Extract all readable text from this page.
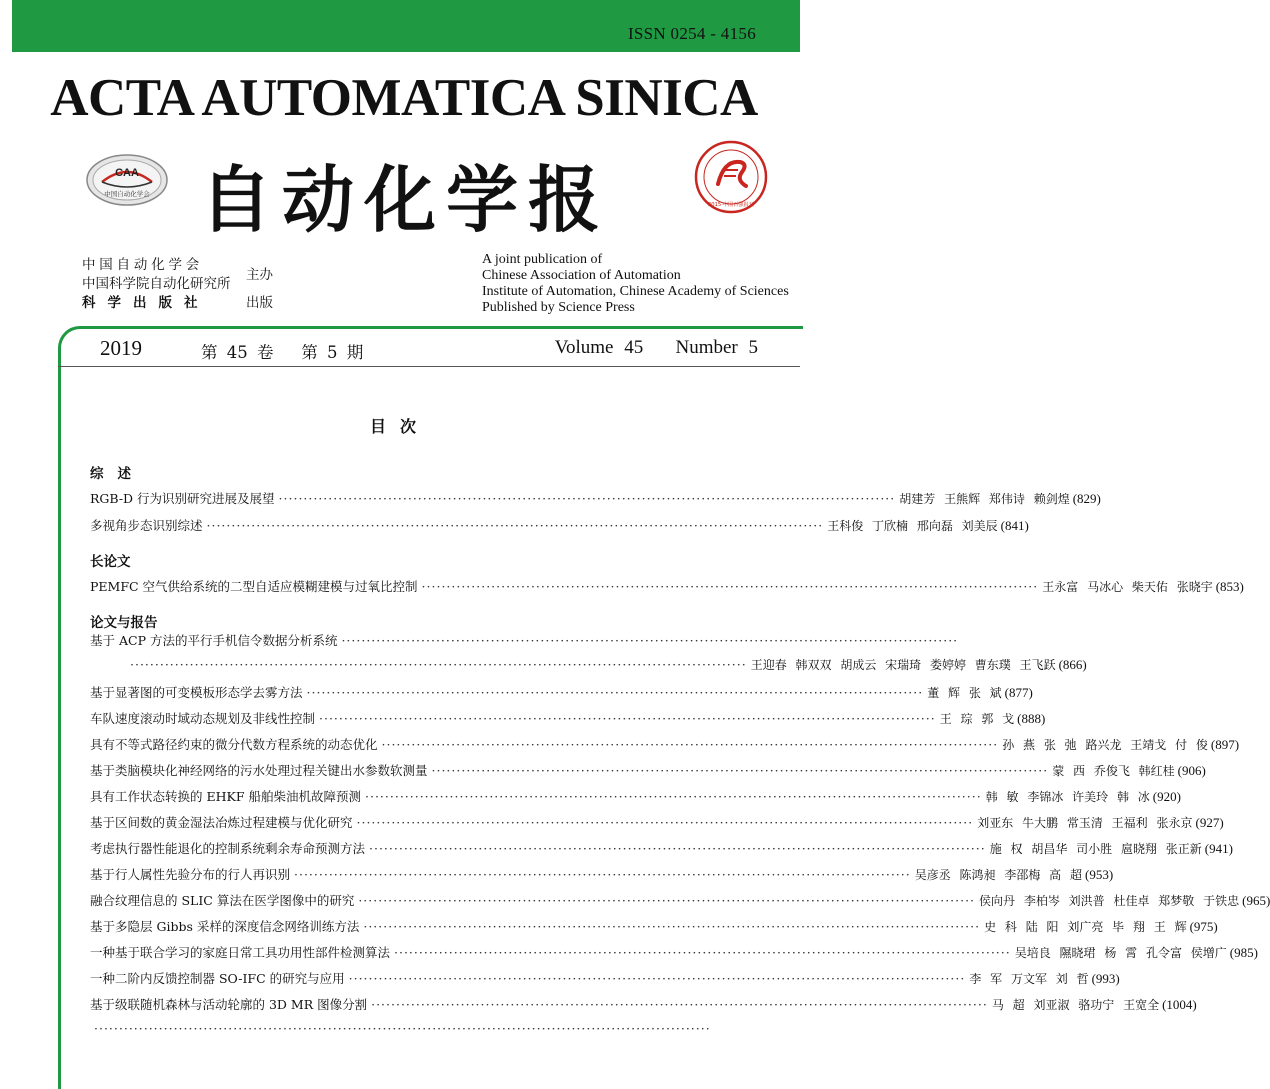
ISSN 0254 - 4156
ACTA AUTOMATICA SINICA
CAA
中国自动化学会 自动化学报	2015·中国百强报刊
中国自动化学会
中国科学院自动化研究所主办
科学出版社	出版
A joint publication of
Chinese Association of Automation
Institute of Automation, Chinese Academy of Sciences
Published by Science Press
2019	第 45 卷   第 5 期	Volume 45   Number 5
目次
综述
RGB-D 行为识别研究进展及展望 ···························································································································· 胡建芳 王熊辉 郑伟诗 赖剑煌 (829)
多视角步态识别综述 ···························································································································· 王科俊 丁欣楠 邢向磊 刘美辰 (841)
长论文
PEMFC 空气供给系统的二型自适应模糊建模与过氧比控制 ···························································································································· 王永富 马冰心 柴天佑 张晓宇 (853)
论文与报告
基于 ACP 方法的平行手机信令数据分析系统 ····························································································································
···························································································································· 王迎春 韩双双 胡成云 宋瑞琦 娄婷婷 曹东璞 王飞跃 (866)
基于显著图的可变模板形态学去雾方法 ···························································································································· 董 辉 张 斌 (877)
车队速度滚动时域动态规划及非线性控制 ···························································································································· 王 琮 郭 戈 (888)
具有不等式路径约束的微分代数方程系统的动态优化 ···························································································································· 孙 燕 张 弛 路兴龙 王靖戈 付 俊 (897)
基于类脑模块化神经网络的污水处理过程关键出水参数软测量 ···························································································································· 蒙 西 乔俊飞 韩红桂 (906)
具有工作状态转换的 EHKF 船舶柴油机故障预测 ···························································································································· 韩 敏 李锦冰 许美玲 韩 冰 (920)
基于区间数的黄金湿法冶炼过程建模与优化研究 ···························································································································· 刘亚东 牛大鹏 常玉清 王福利 张永京 (927)
考虑执行器性能退化的控制系统剩余寿命预测方法 ···························································································································· 施 权 胡昌华 司小胜 扈晓翔 张正新 (941)
基于行人属性先验分布的行人再识别 ···························································································································· 吴彦丞 陈鸿昶 李邵梅 高 超 (953)
融合纹理信息的 SLIC 算法在医学图像中的研究 ···························································································································· 侯向丹 李柏岑 刘洪普 杜佳卓 郑梦敬 于铁忠 (965)
基于多隐层 Gibbs 采样的深度信念网络训练方法 ···························································································································· 史 科 陆 阳 刘广亮 毕 翔 王 辉 (975)
一种基于联合学习的家庭日常工具功用性部件检测算法 ···························································································································· 吴培良 隰晓珺 杨 霄 孔令富 侯增广 (985)
一种二阶内反馈控制器 SO-IFC 的研究与应用 ···························································································································· 李 军 万文军 刘 哲 (993)
基于级联随机森林与活动轮廓的 3D MR 图像分割 ···························································································································· 马 超 刘亚淑 骆功宁 王宽全 (1004)
····························································································································
